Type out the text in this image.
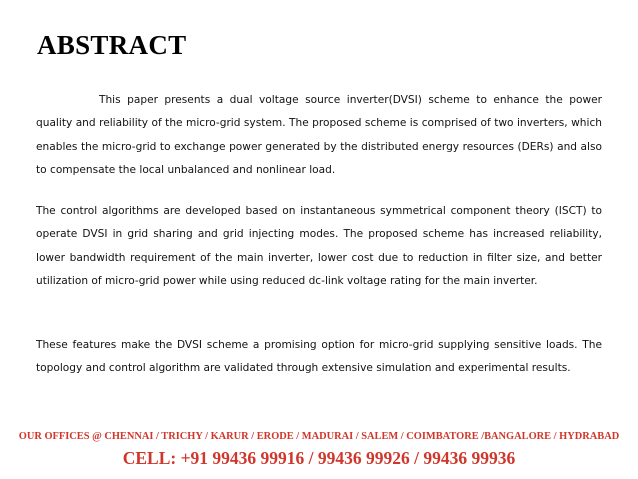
ABSTRACT

This paper presents a dual voltage source inverter(DVSI) scheme to enhance the power quality and reliability of the micro-grid system. The proposed scheme is comprised of two inverters, which enables the micro-grid to exchange power generated by the distributed energy resources (DERs) and also to compensate the local unbalanced and nonlinear load.

The control algorithms are developed based on instantaneous symmetrical component theory (ISCT) to operate DVSI in grid sharing and grid injecting modes. The proposed scheme has increased reliability, lower bandwidth requirement of the main inverter, lower cost due to reduction in filter size, and better utilization of micro-grid power while using reduced dc-link voltage rating for the main inverter.

These features make the DVSI scheme a promising option for micro-grid supplying sensitive loads. The topology and control algorithm are validated through extensive simulation and experimental results.

OUR OFFICES @ CHENNAI / TRICHY / KARUR / ERODE / MADURAI / SALEM / COIMBATORE /BANGALORE / HYDRABAD
CELL: +91 99436 99916 / 99436 99926 / 99436 99936
